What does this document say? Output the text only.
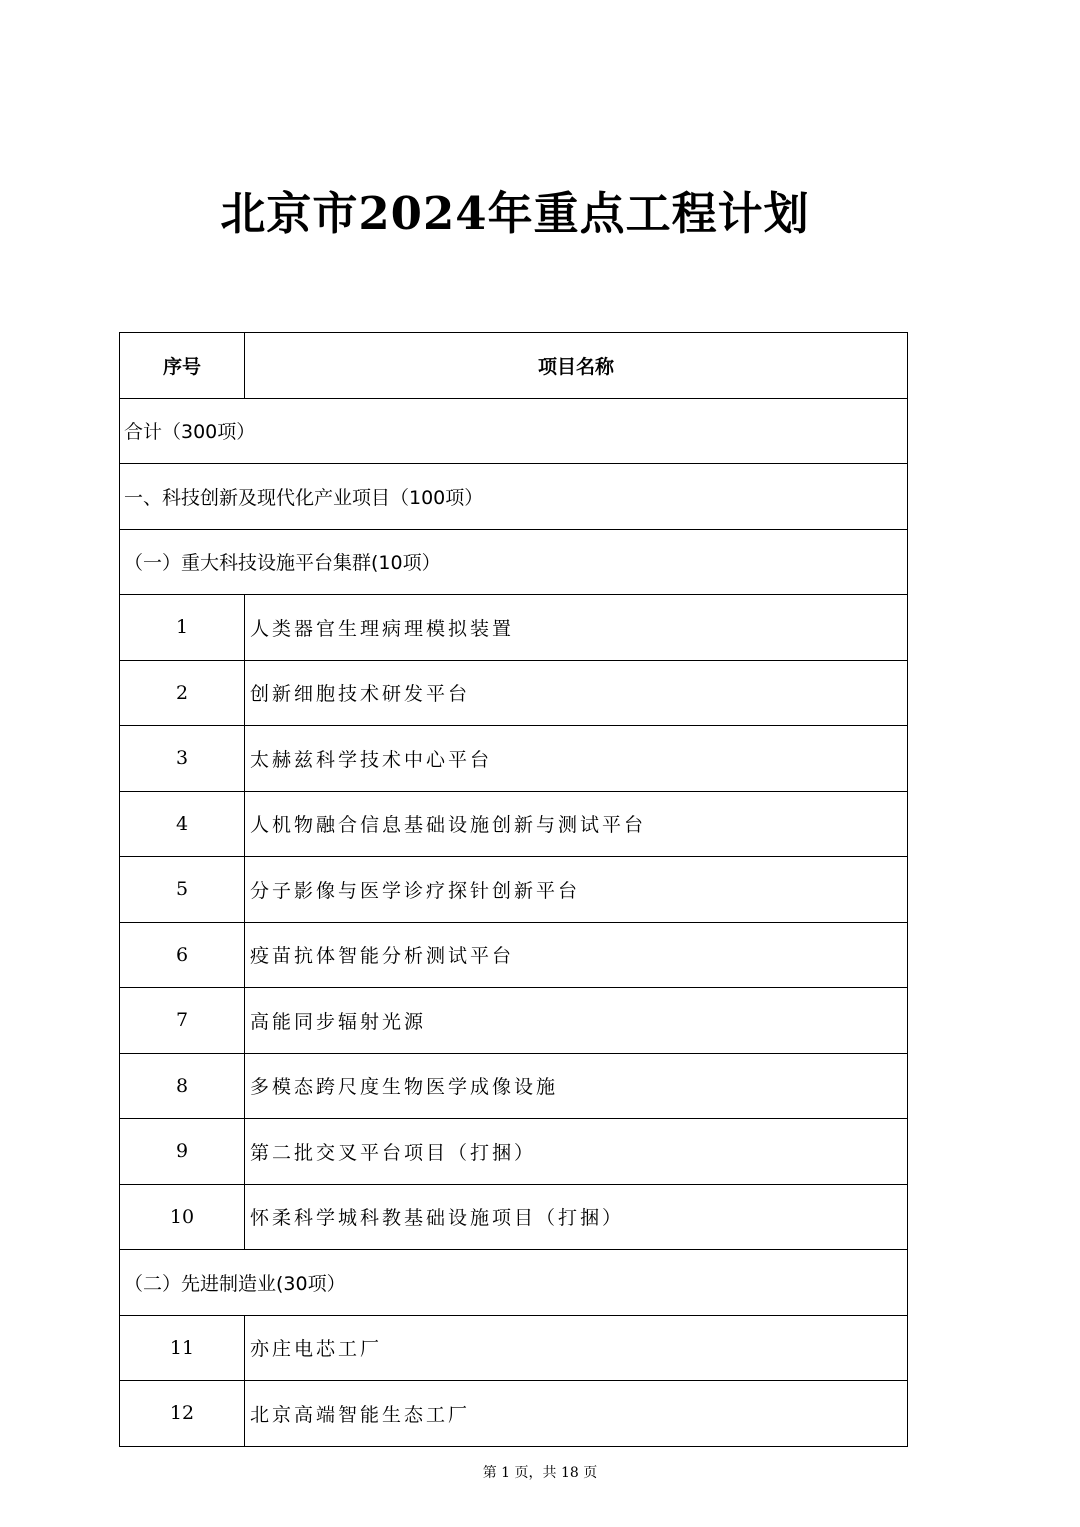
北京市2024年重点工程计划
序号	项目名称
合计（300项）	
一、科技创新及现代化产业项目（100项）	
（一）重大科技设施平台集群(10项）	
1	人类器官生理病理模拟装置
2	创新细胞技术研发平台
3	太赫兹科学技术中心平台
4	人机物融合信息基础设施创新与测试平台
5	分子影像与医学诊疗探针创新平台
6	疫苗抗体智能分析测试平台
7	高能同步辐射光源
8	多模态跨尺度生物医学成像设施
9	第二批交叉平台项目（打捆）
10	怀柔科学城科教基础设施项目（打捆）
（二）先进制造业(30项）	
11	亦庄电芯工厂
12	北京高端智能生态工厂
第 1 页，共 18 页
